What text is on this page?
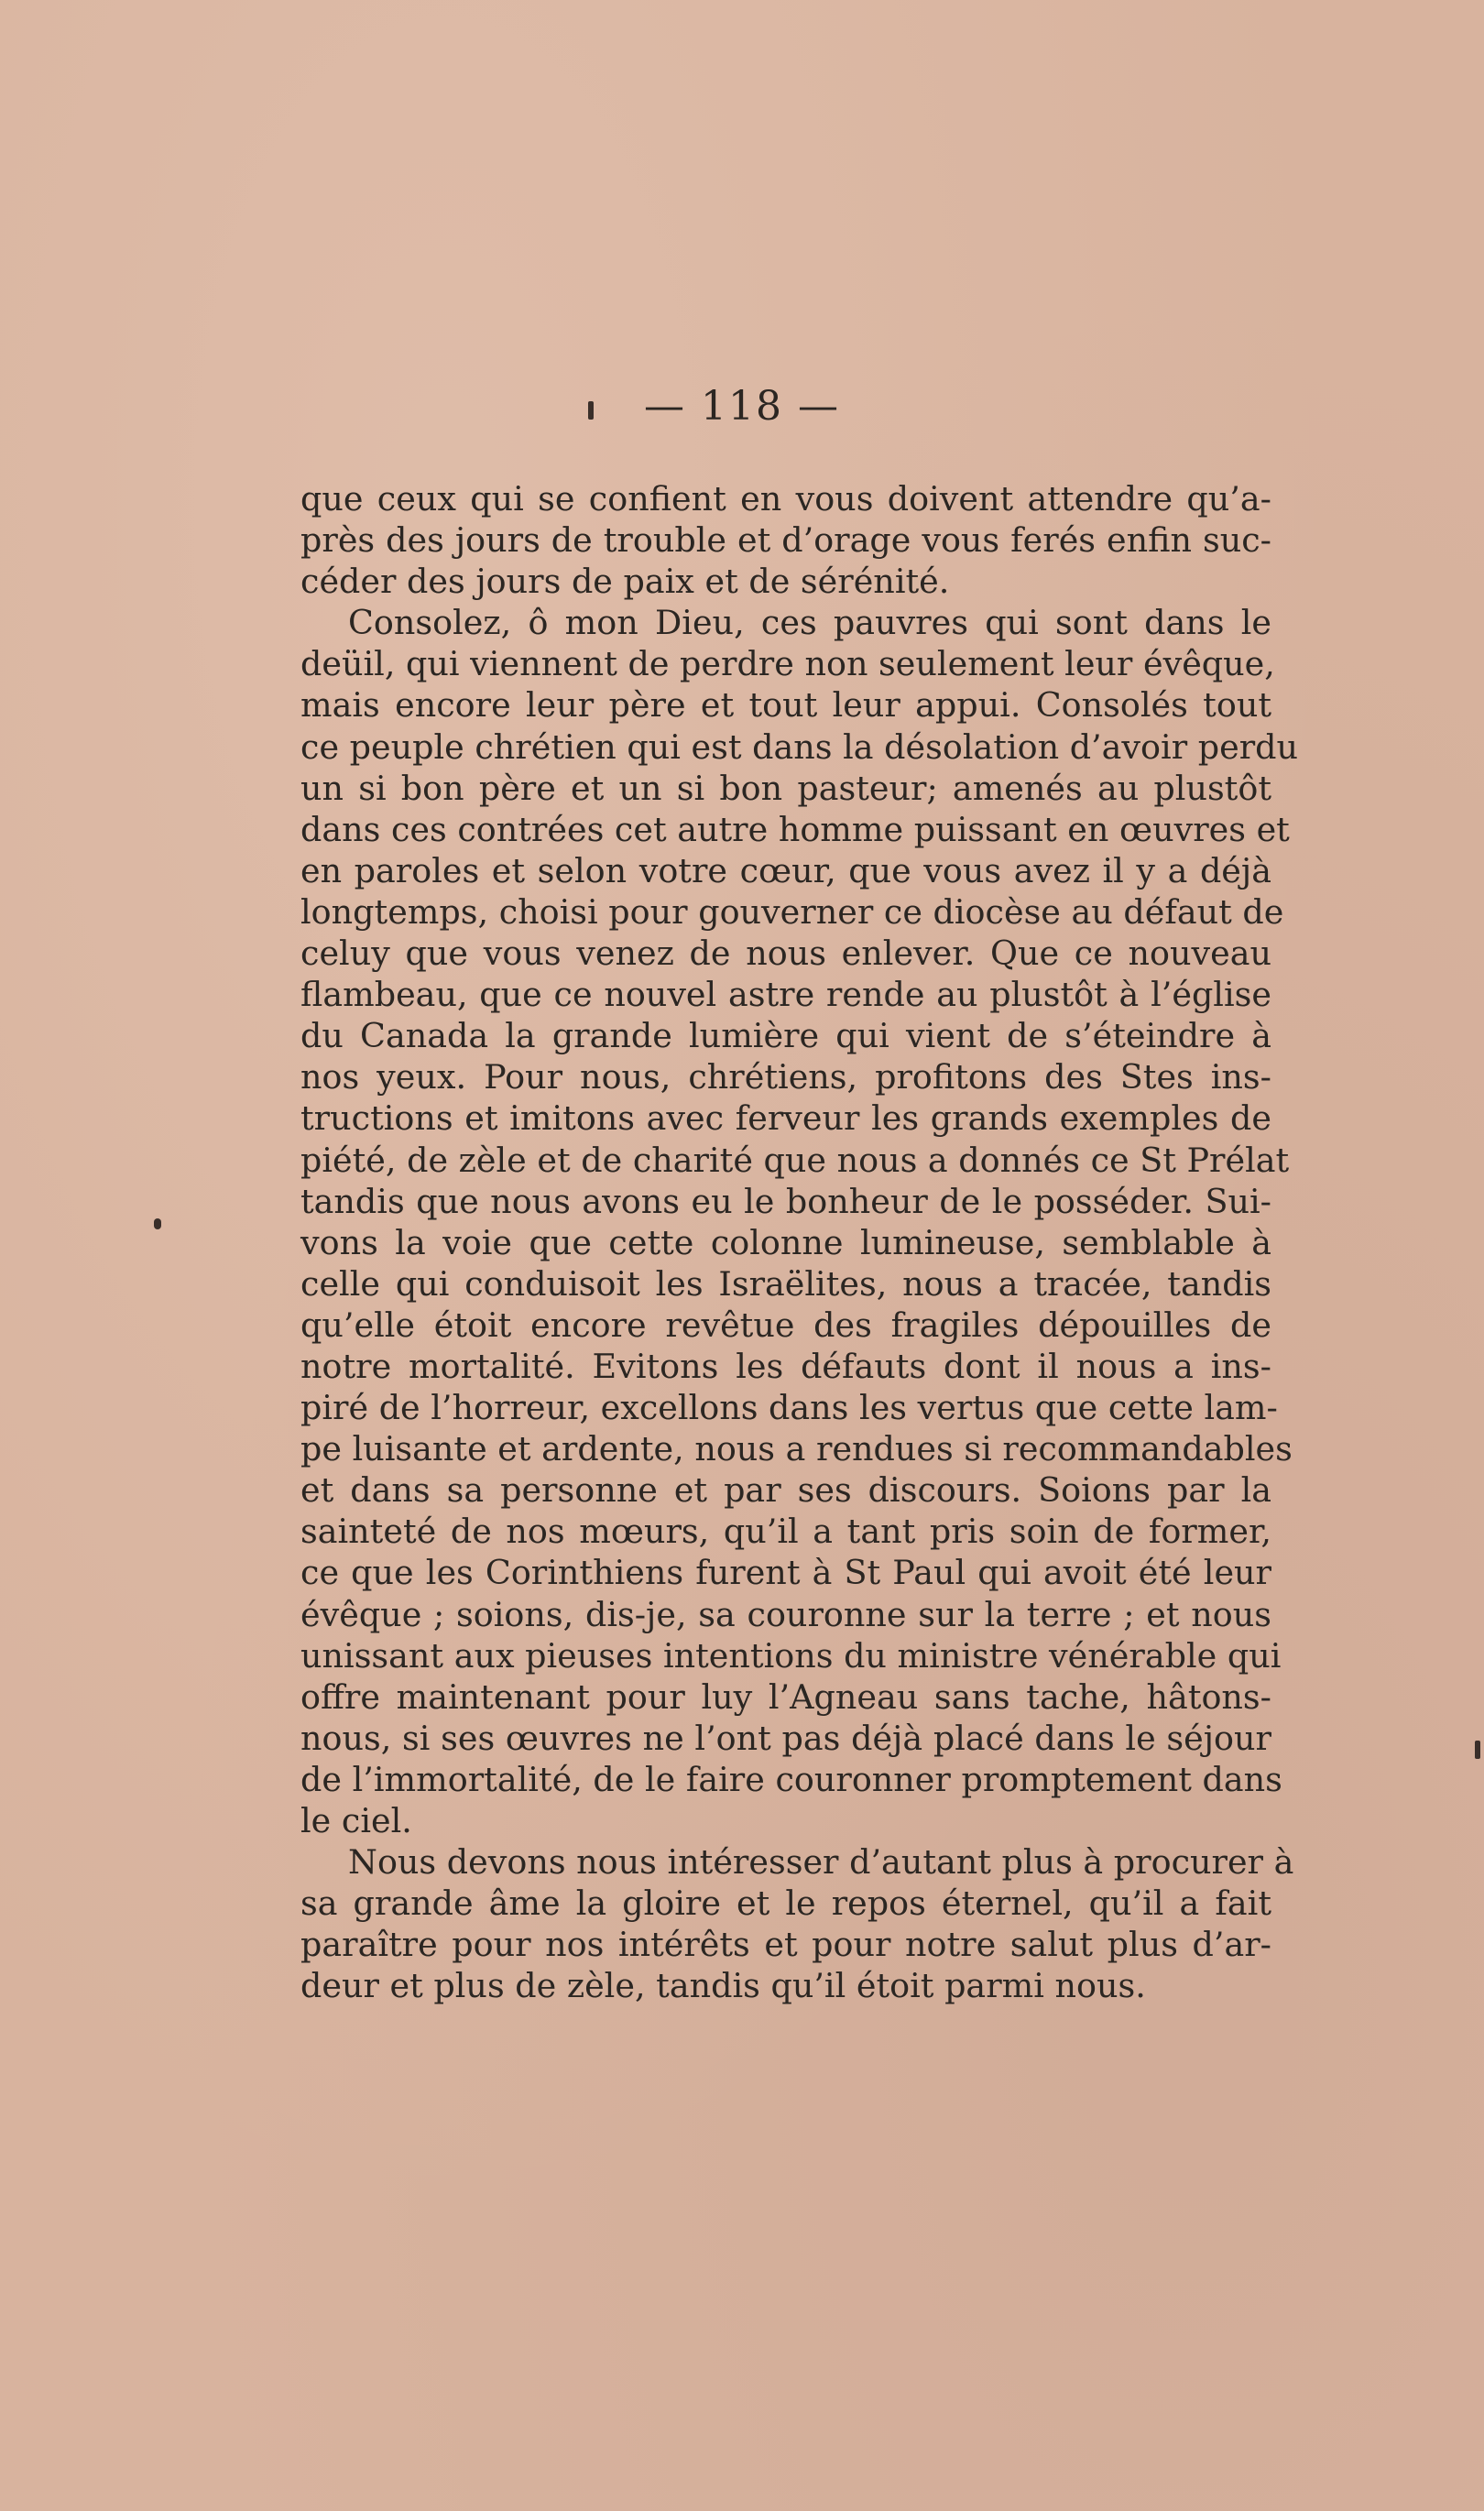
— 118 —
que ceux qui se confient en vous doivent attendre qu’a-
près des jours de trouble et d’orage vous ferés enfin suc-
céder des jours de paix et de sérénité.
Consolez, ô mon Dieu, ces pauvres qui sont dans le
deüil, qui viennent de perdre non seulement leur évêque,
mais encore leur père et tout leur appui. Consolés tout
ce peuple chrétien qui est dans la désolation d’avoir perdu
un si bon père et un si bon pasteur; amenés au plustôt
dans ces contrées cet autre homme puissant en œuvres et
en paroles et selon votre cœur, que vous avez il y a déjà
longtemps, choisi pour gouverner ce diocèse au défaut de
celuy que vous venez de nous enlever. Que ce nouveau
flambeau, que ce nouvel astre rende au plustôt à l’église
du Canada la grande lumière qui vient de s’éteindre à
nos yeux. Pour nous, chrétiens, profitons des Stes ins-
tructions et imitons avec ferveur les grands exemples de
piété, de zèle et de charité que nous a donnés ce St Prélat
tandis que nous avons eu le bonheur de le posséder. Sui-
vons la voie que cette colonne lumineuse, semblable à
celle qui conduisoit les Israëlites, nous a tracée, tandis
qu’elle étoit encore revêtue des fragiles dépouilles de
notre mortalité. Evitons les défauts dont il nous a ins-
piré de l’horreur, excellons dans les vertus que cette lam-
pe luisante et ardente, nous a rendues si recommandables
et dans sa personne et par ses discours. Soions par la
sainteté de nos mœurs, qu’il a tant pris soin de former,
ce que les Corinthiens furent à St Paul qui avoit été leur
évêque ; soions, dis-je, sa couronne sur la terre ; et nous
unissant aux pieuses intentions du ministre vénérable qui
offre maintenant pour luy l’Agneau sans tache, hâtons-
nous, si ses œuvres ne l’ont pas déjà placé dans le séjour
de l’immortalité, de le faire couronner promptement dans
le ciel.
Nous devons nous intéresser d’autant plus à procurer à
sa grande âme la gloire et le repos éternel, qu’il a fait
paraître pour nos intérêts et pour notre salut plus d’ar-
deur et plus de zèle, tandis qu’il étoit parmi nous.
